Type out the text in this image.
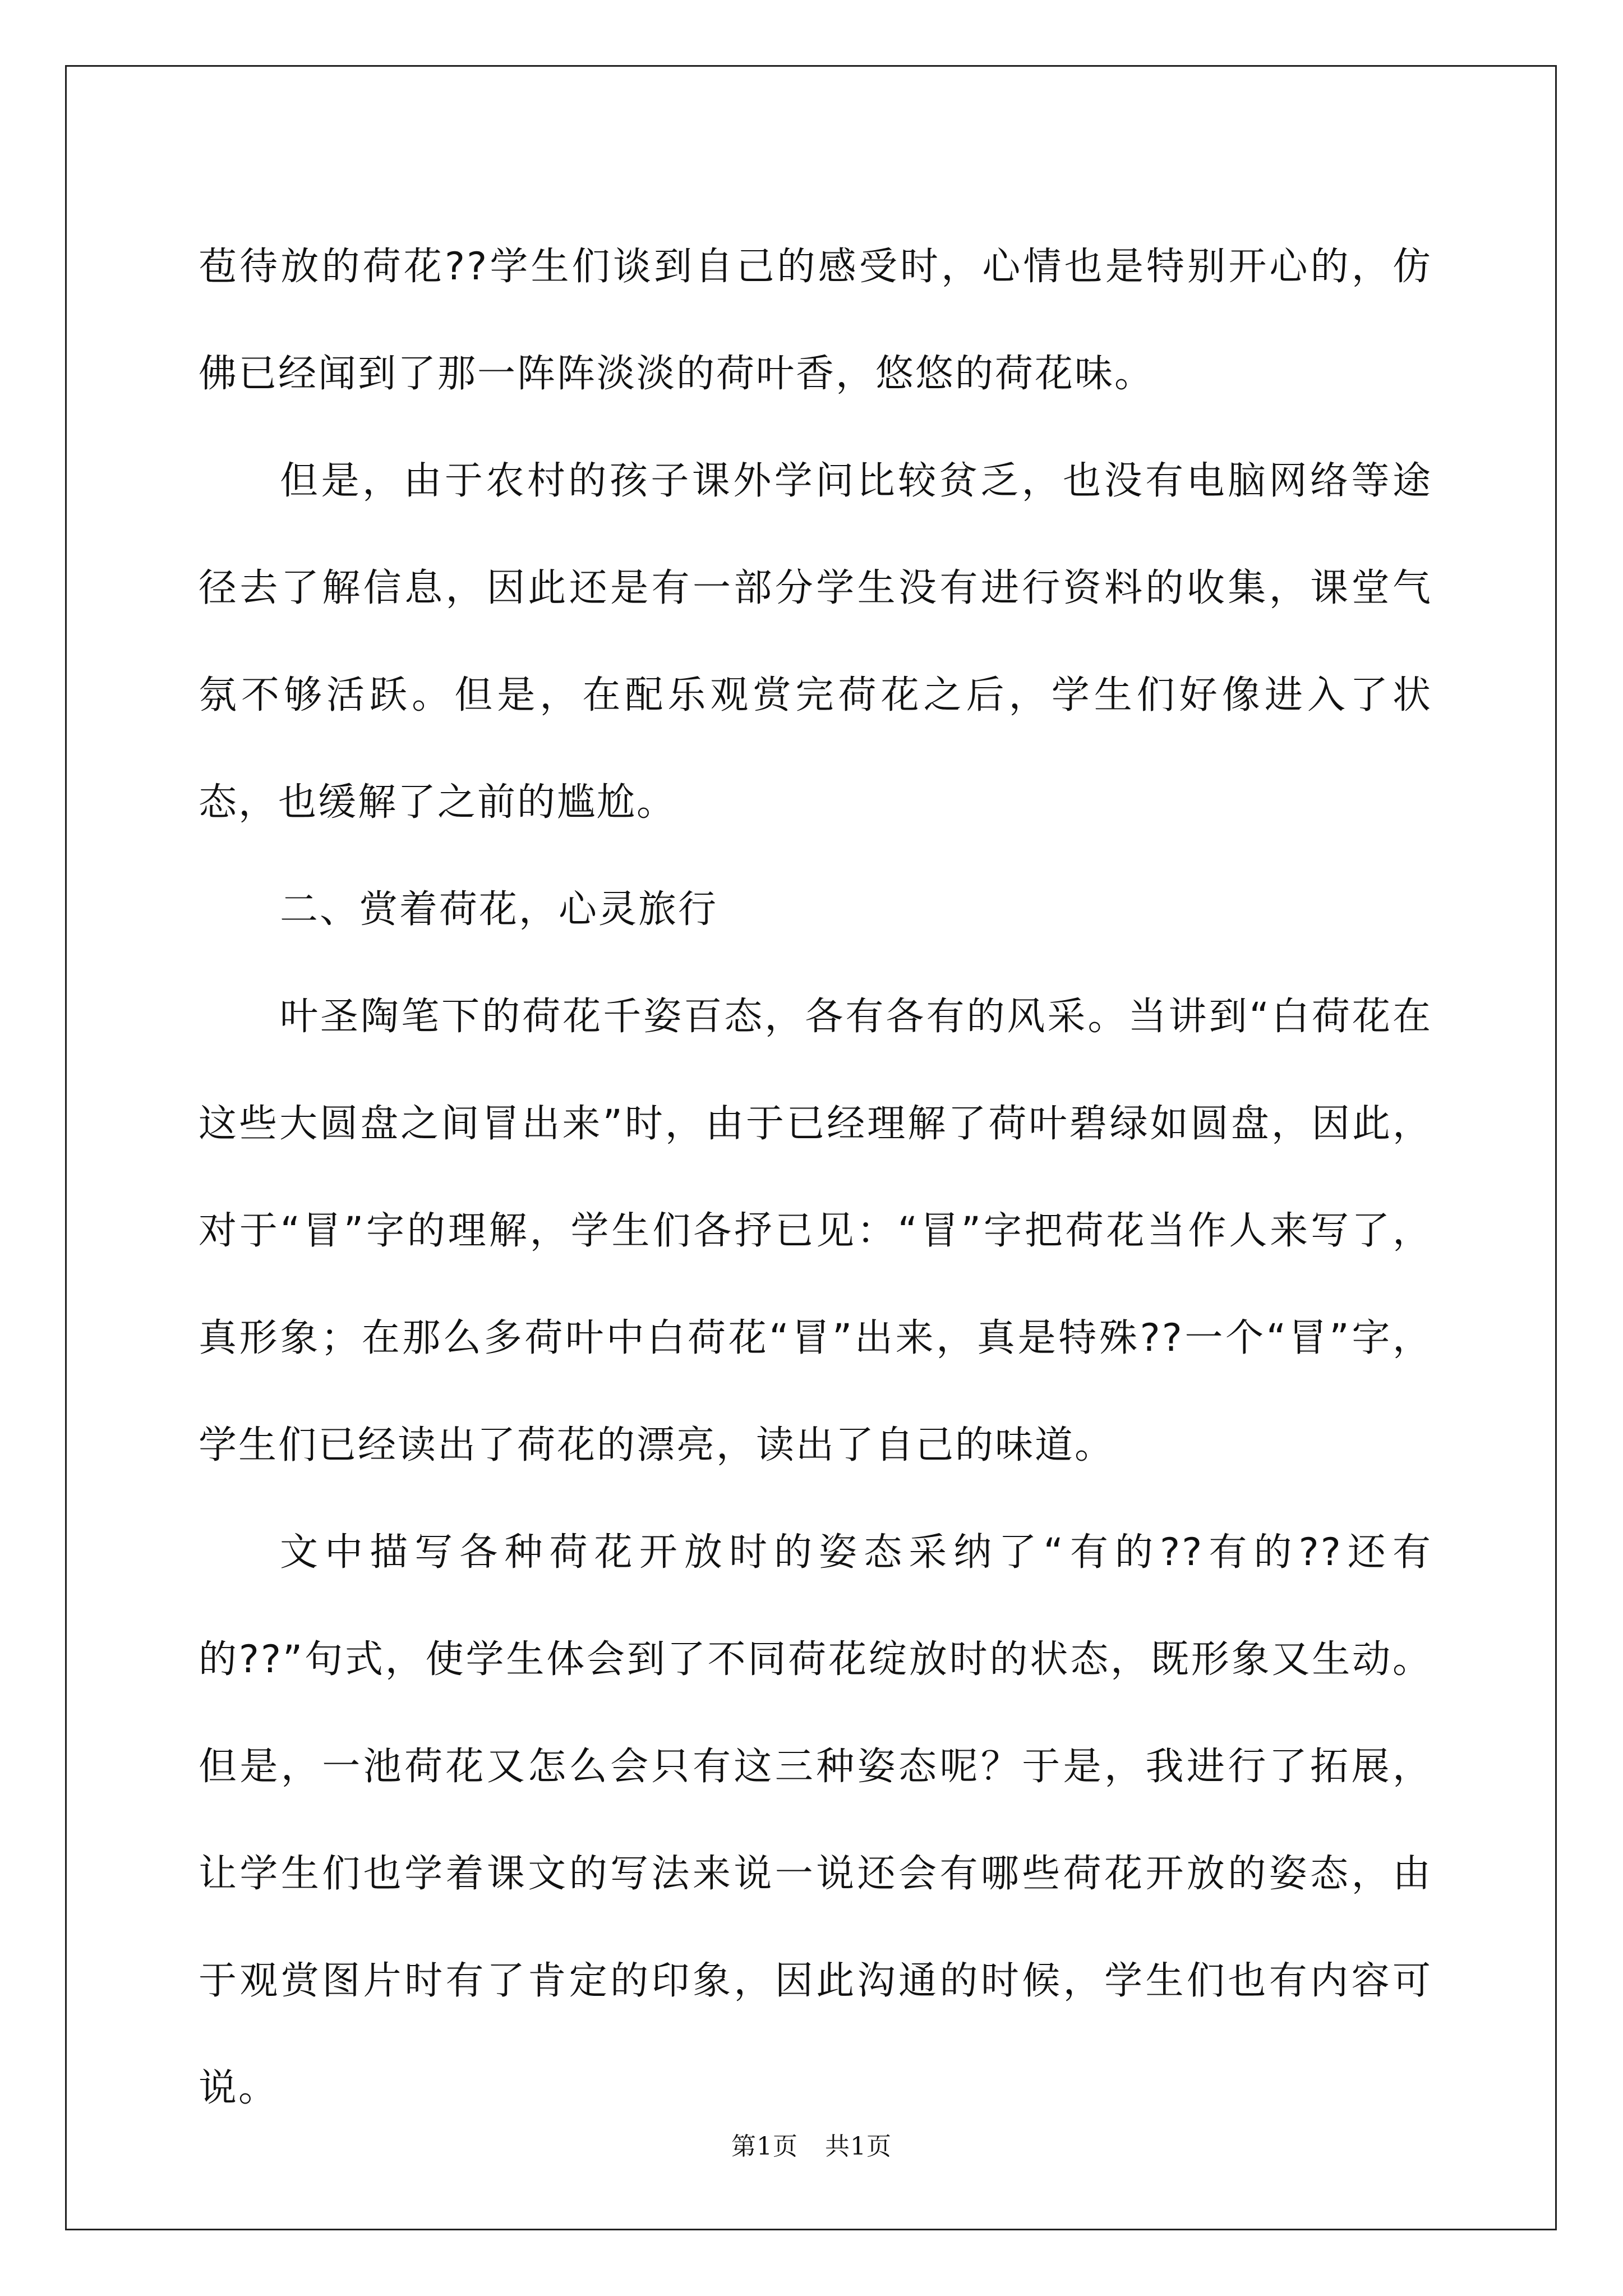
苞待放的荷花??学生们谈到自己的感受时，心情也是特别开心的，仿佛已经闻到了那一阵阵淡淡的荷叶香，悠悠的荷花味。

但是，由于农村的孩子课外学问比较贫乏，也没有电脑网络等途径去了解信息，因此还是有一部分学生没有进行资料的收集，课堂气氛不够活跃。但是，在配乐观赏完荷花之后，学生们好像进入了状态，也缓解了之前的尴尬。

二、赏着荷花，心灵旅行

叶圣陶笔下的荷花千姿百态，各有各有的风采。当讲到“白荷花在这些大圆盘之间冒出来”时，由于已经理解了荷叶碧绿如圆盘，因此，对于“冒”字的理解，学生们各抒已见：“冒”字把荷花当作人来写了，真形象；在那么多荷叶中白荷花“冒”出来，真是特殊??一个“冒”字，学生们已经读出了荷花的漂亮，读出了自己的味道。

文中描写各种荷花开放时的姿态采纳了“有的??有的??还有的??”句式，使学生体会到了不同荷花绽放时的状态，既形象又生动。但是，一池荷花又怎么会只有这三种姿态呢？于是，我进行了拓展，让学生们也学着课文的写法来说一说还会有哪些荷花开放的姿态，由于观赏图片时有了肯定的印象，因此沟通的时候，学生们也有内容可说。

第1页 共1页
